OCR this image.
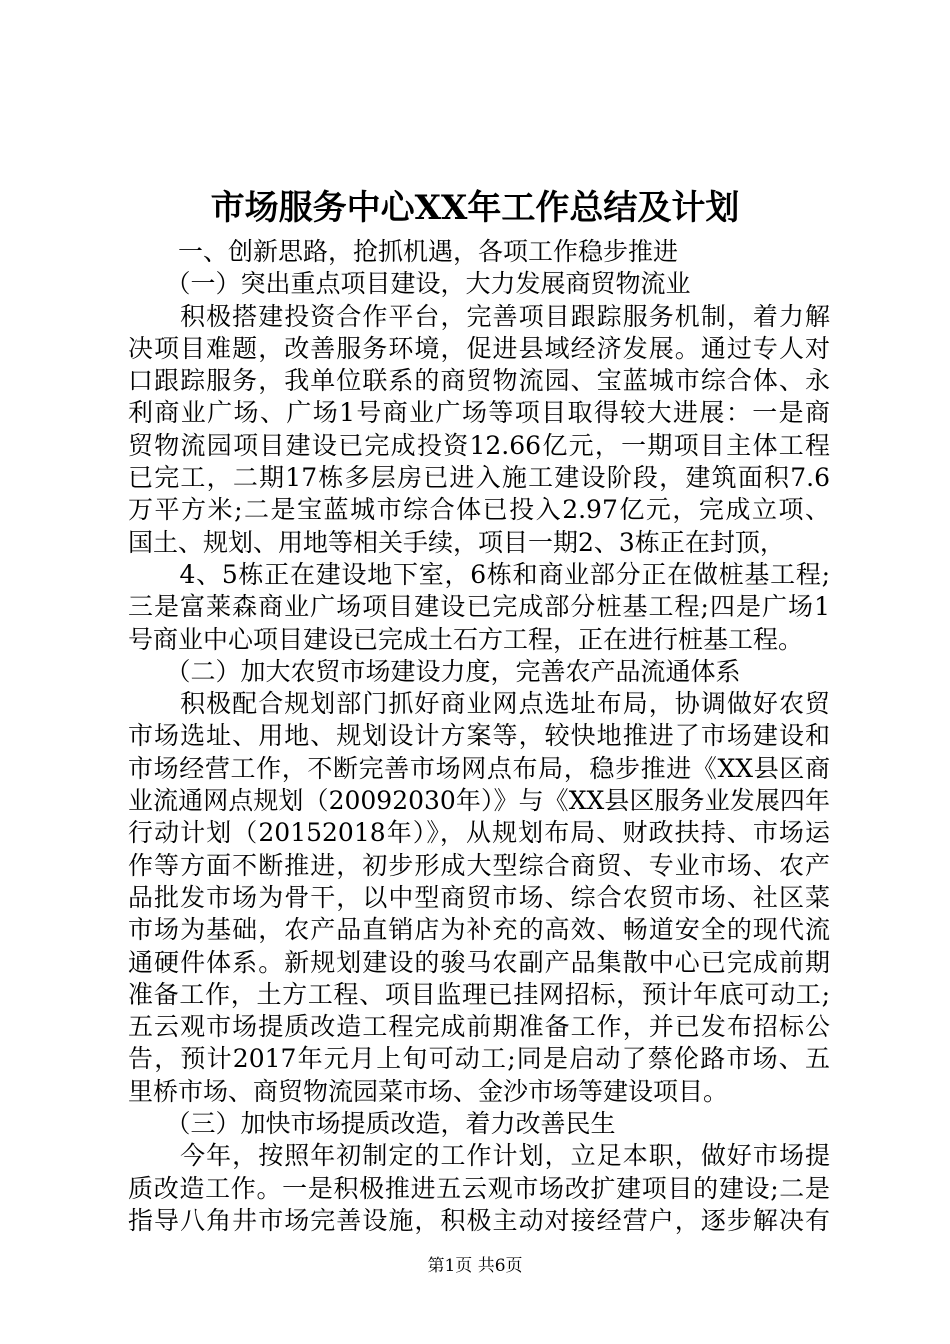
市场服务中心XX年工作总结及计划
　　一、创新思路，抢抓机遇，各项工作稳步推进
　　（一）突出重点项目建设，大力发展商贸物流业
　　积极搭建投资合作平台，完善项目跟踪服务机制，着力解
决项目难题，改善服务环境，促进县域经济发展。通过专人对
口跟踪服务，我单位联系的商贸物流园、宝蓝城市综合体、永
利商业广场、广场1号商业广场等项目取得较大进展：一是商
贸物流园项目建设已完成投资12.66亿元，一期项目主体工程
已完工，二期17栋多层房已进入施工建设阶段，建筑面积7.6
万平方米;二是宝蓝城市综合体已投入2.97亿元，完成立项、
国土、规划、用地等相关手续，项目一期2、3栋正在封顶，
　　4、5栋正在建设地下室，6栋和商业部分正在做桩基工程;
三是富莱森商业广场项目建设已完成部分桩基工程;四是广场1
号商业中心项目建设已完成土石方工程，正在进行桩基工程。
　　（二）加大农贸市场建设力度，完善农产品流通体系
　　积极配合规划部门抓好商业网点选址布局，协调做好农贸
市场选址、用地、规划设计方案等，较快地推进了市场建设和
市场经营工作，不断完善市场网点布局，稳步推进《XX县区商
业流通网点规划（20092030年）》与《XX县区服务业发展四年
行动计划（20152018年）》，从规划布局、财政扶持、市场运
作等方面不断推进，初步形成大型综合商贸、专业市场、农产
品批发市场为骨干，以中型商贸市场、综合农贸市场、社区菜
市场为基础，农产品直销店为补充的高效、畅道安全的现代流
通硬件体系。新规划建设的骏马农副产品集散中心已完成前期
准备工作，土方工程、项目监理已挂网招标，预计年底可动工;
五云观市场提质改造工程完成前期准备工作，并已发布招标公
告，预计2017年元月上旬可动工;同是启动了蔡伦路市场、五
里桥市场、商贸物流园菜市场、金沙市场等建设项目。
　　（三）加快市场提质改造，着力改善民生
　　今年，按照年初制定的工作计划，立足本职，做好市场提
质改造工作。一是积极推进五云观市场改扩建项目的建设;二是
指导八角井市场完善设施，积极主动对接经营户，逐步解决有
第1页 共6页
